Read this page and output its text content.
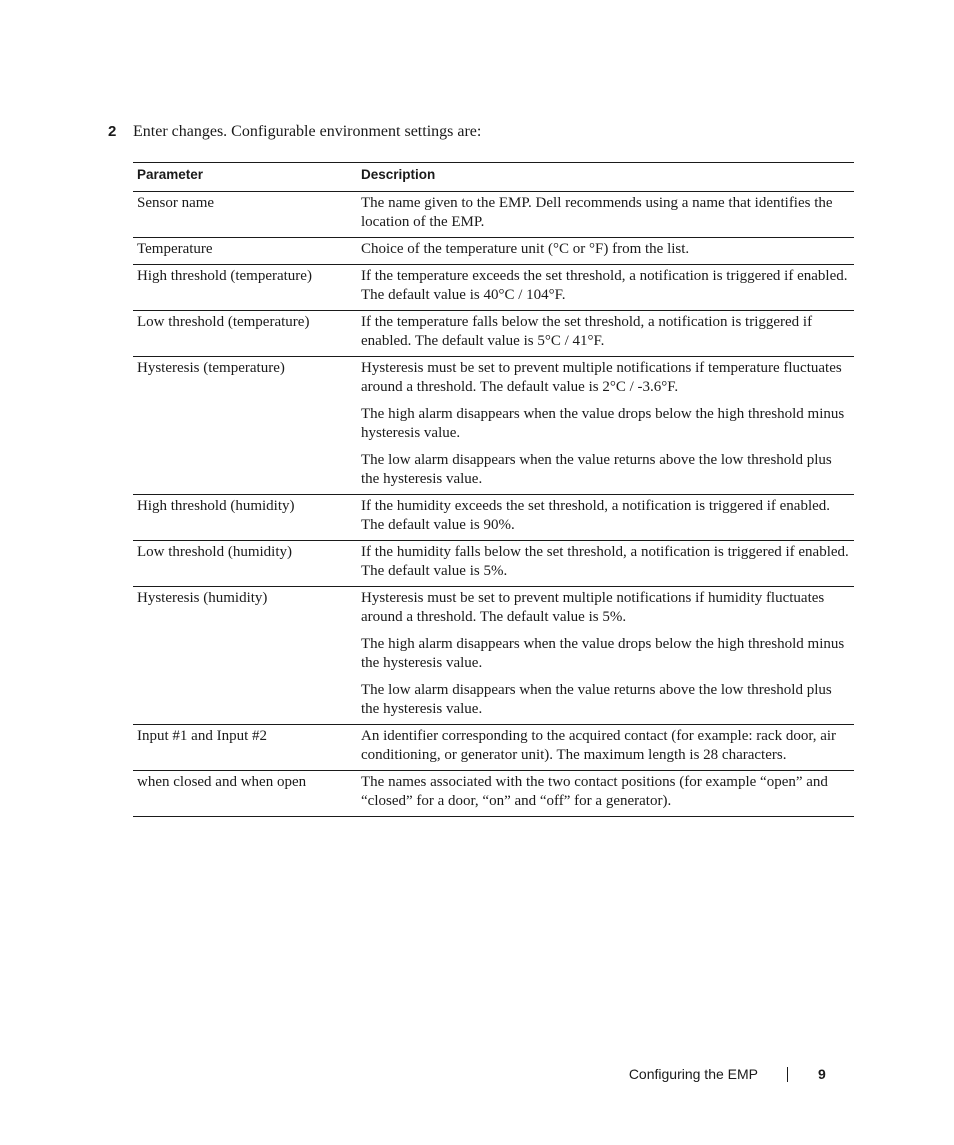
2 Enter changes. Configurable environment settings are:
Parameter	Description
Sensor name	The name given to the EMP. Dell recommends using a name that identifies the location of the EMP.

Temperature	Choice of the temperature unit (°C or °F) from the list.

High threshold (temperature)	If the temperature exceeds the set threshold, a notification is triggered if enabled. The default value is 40°C / 104°F.

Low threshold (temperature)	If the temperature falls below the set threshold, a notification is triggered if enabled. The default value is 5°C / 41°F.

Hysteresis (temperature)	Hysteresis must be set to prevent multiple notifications if temperature fluctuates around a threshold. The default value is 2°C / -3.6°F.

The high alarm disappears when the value drops below the high threshold minus hysteresis value.

The low alarm disappears when the value returns above the low threshold plus the hysteresis value.

High threshold (humidity)	If the humidity exceeds the set threshold, a notification is triggered if enabled. The default value is 90%.

Low threshold (humidity)	If the humidity falls below the set threshold, a notification is triggered if enabled. The default value is 5%.

Hysteresis (humidity)	Hysteresis must be set to prevent multiple notifications if humidity fluctuates around a threshold. The default value is 5%.

The high alarm disappears when the value drops below the high threshold minus the hysteresis value.

The low alarm disappears when the value returns above the low threshold plus the hysteresis value.

Input #1 and Input #2	An identifier corresponding to the acquired contact (for example: rack door, air conditioning, or generator unit). The maximum length is 28 characters.

when closed and when open	The names associated with the two contact positions (for example “open” and “closed” for a door, “on” and “off” for a generator).

Configuring the EMP	9
